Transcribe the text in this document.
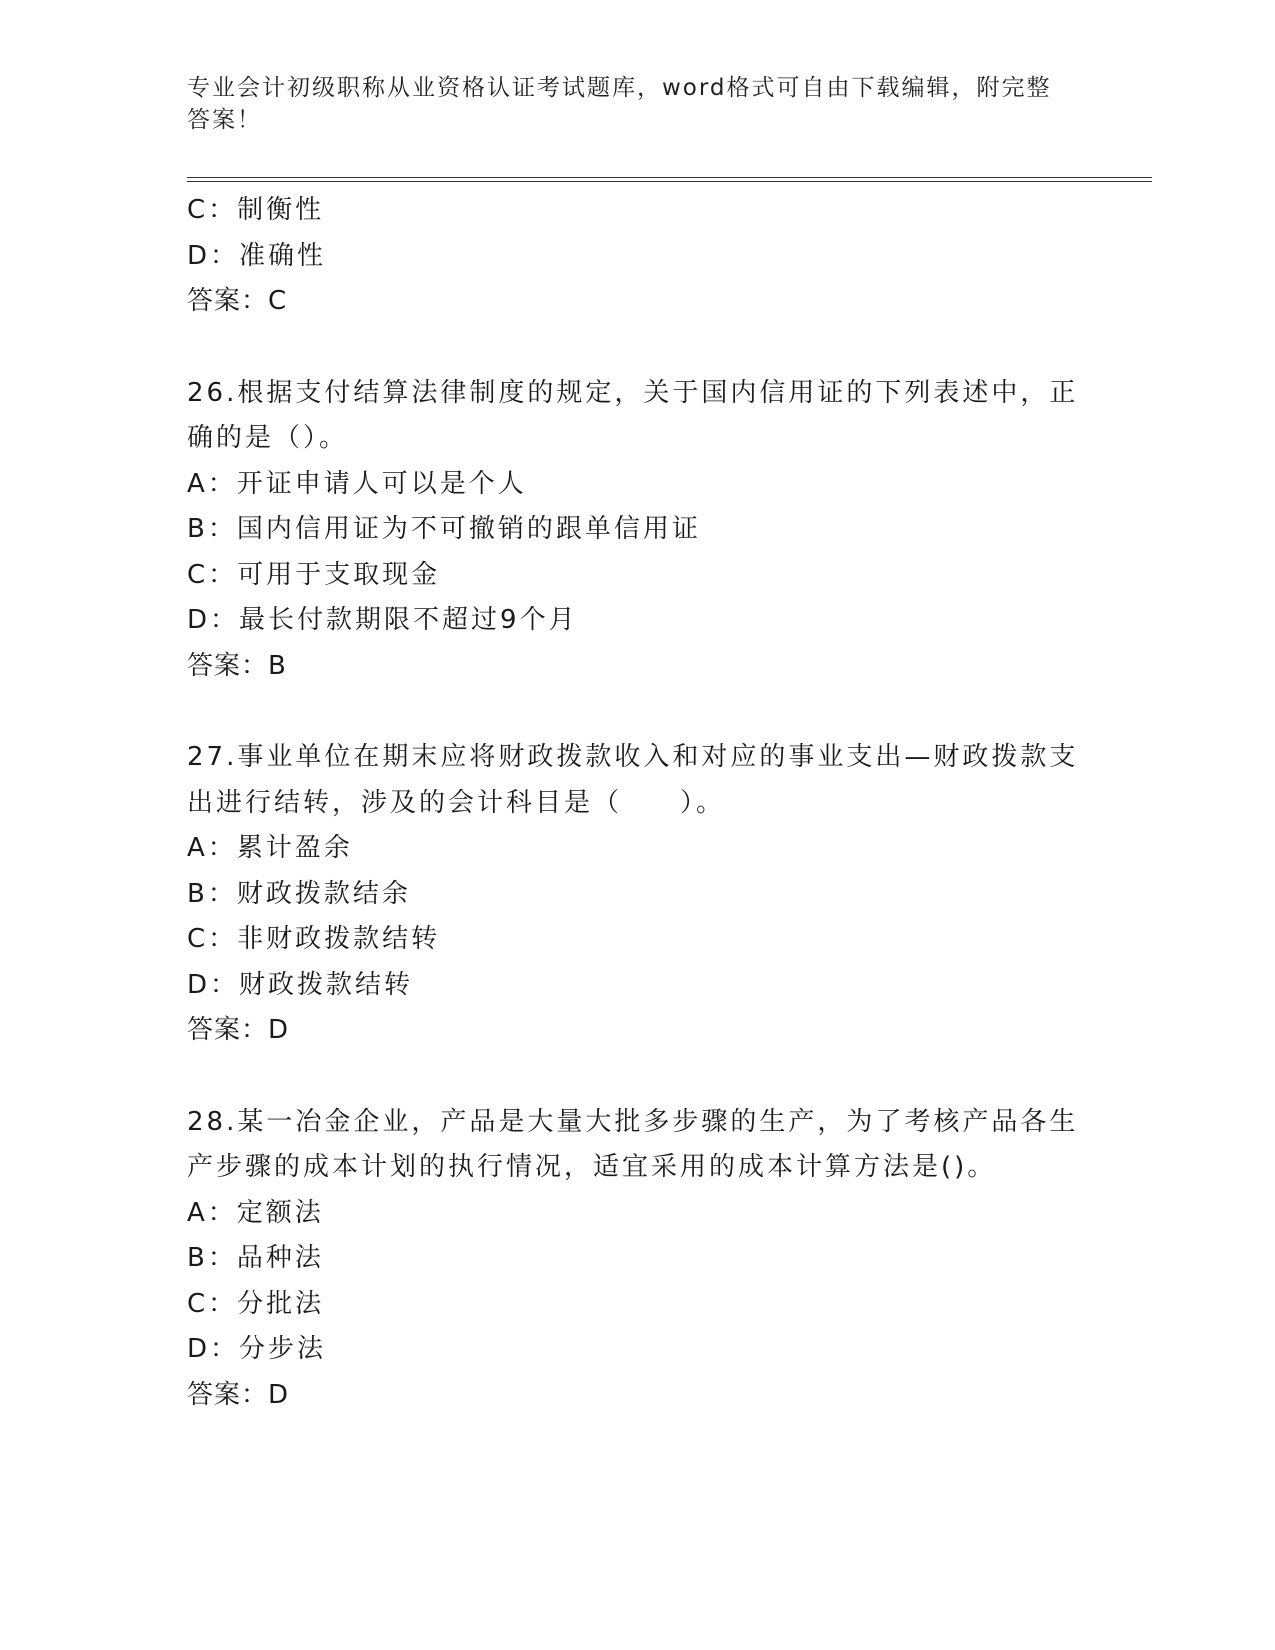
专业会计初级职称从业资格认证考试题库，word格式可自由下载编辑，附完整答案！
C：制衡性
D：准确性
答案：C
26.根据支付结算法律制度的规定，关于国内信用证的下列表述中，正
确的是（）。
A：开证申请人可以是个人
B：国内信用证为不可撤销的跟单信用证
C：可用于支取现金
D：最长付款期限不超过9个月
答案：B
27.事业单位在期末应将财政拨款收入和对应的事业支出—财政拨款支
出进行结转，涉及的会计科目是（　　）。
A：累计盈余
B：财政拨款结余
C：非财政拨款结转
D：财政拨款结转
答案：D
28.某一冶金企业，产品是大量大批多步骤的生产，为了考核产品各生
产步骤的成本计划的执行情况，适宜采用的成本计算方法是()。
A：定额法
B：品种法
C：分批法
D：分步法
答案：D
